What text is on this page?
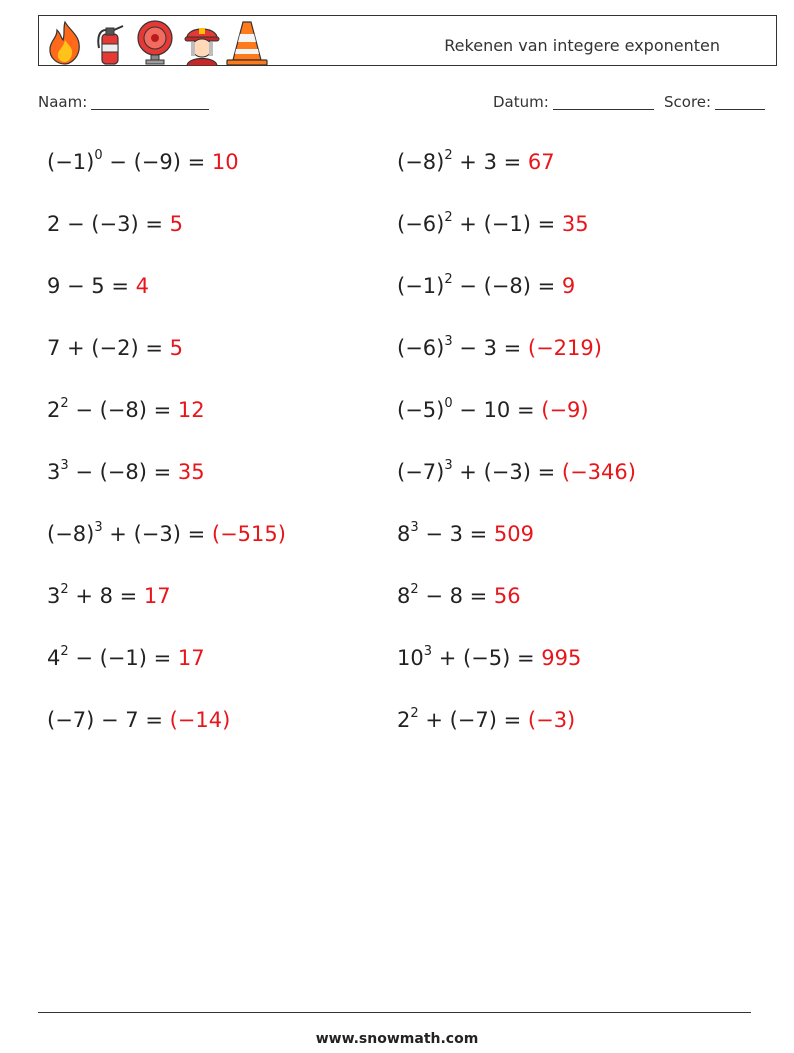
Rekenen van integere exponenten
Naam:	Datum:	Score:
$(-1)^0 - (-9) = 10$
2 − (−3) = 5
9 − 5 = 4
7 + (−2) = 5
$2^2 - (-8) = 12$
$3^3 - (-8) = 35$
$(-8)^3 + (-3) = (-515)$
$3^2 + 8 = 17$
$4^2 - (-1) = 17$
(−7) − 7 = (−14)
$(-8)^2 + 3 = 67$
$(-6)^2 + (-1) = 35$
$(-1)^2 - (-8) = 9$
$(-6)^3 - 3 = (-219)$
$(-5)^0 - 10 = (-9)$
$(-7)^3 + (-3) = (-346)$
$8^3 - 3 = 509$
$8^2 - 8 = 56$
$10^3 + (-5) = 995$
$2^2 + (-7) = (-3)$
www.snowmath.com
